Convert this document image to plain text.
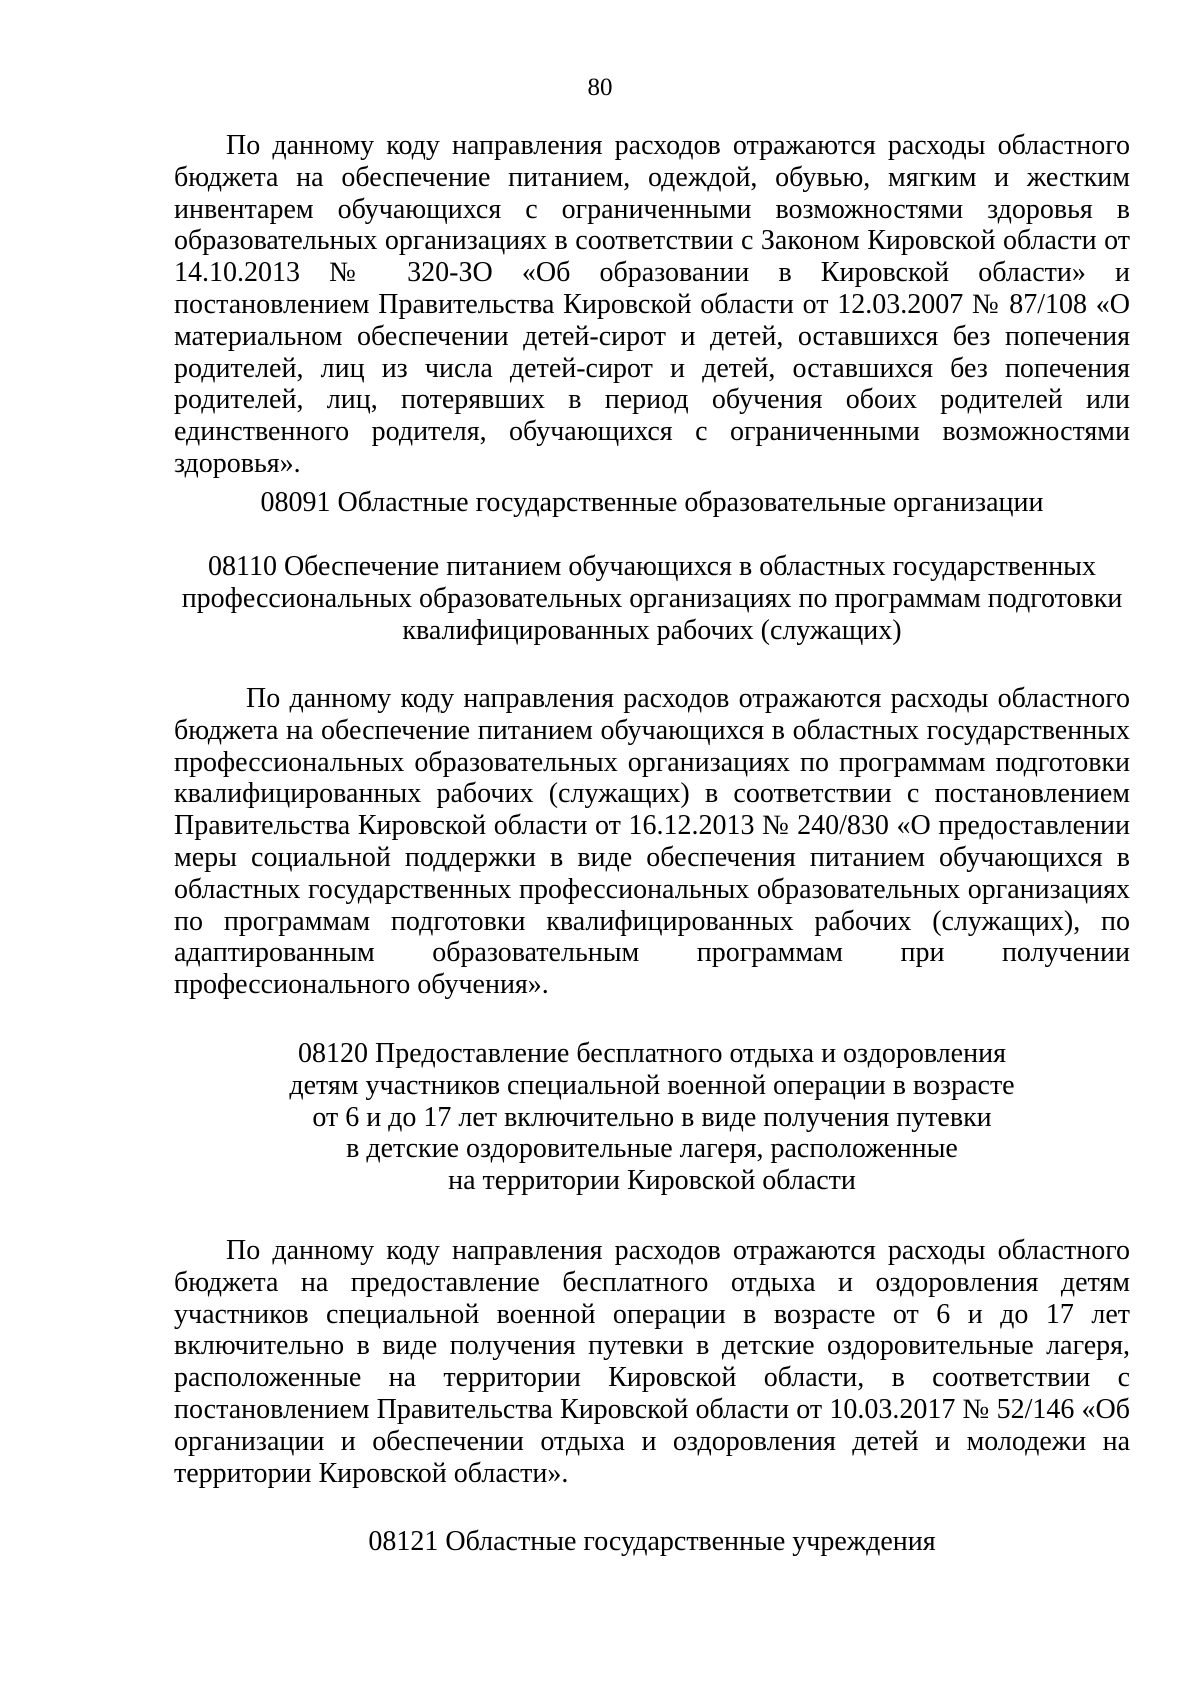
80

По данному коду направления расходов отражаются расходы областного бюджета на обеспечение питанием, одеждой, обувью, мягким и жестким инвентарем обучающихся с ограниченными возможностями здоровья в образовательных организациях в соответствии с Законом Кировской области от 14.10.2013 № 320-ЗО «Об образовании в Кировской области» и постановлением Правительства Кировской области от 12.03.2007 № 87/108 «О материальном обеспечении детей-сирот и детей, оставшихся без попечения родителей, лиц из числа детей-сирот и детей, оставшихся без попечения родителей, лиц, потерявших в период обучения обоих родителей или единственного родителя, обучающихся с ограниченными возможностями здоровья».

08091 Областные государственные образовательные организации

08110 Обеспечение питанием обучающихся в областных государственных
профессиональных образовательных организациях по программам подготовки
квалифицированных рабочих (служащих)

По данному коду направления расходов отражаются расходы областного бюджета на обеспечение питанием обучающихся в областных государственных профессиональных образовательных организациях по программам подготовки квалифицированных рабочих (служащих) в соответствии с постановлением Правительства Кировской области от 16.12.2013 № 240/830 «О предоставлении меры социальной поддержки в виде обеспечения питанием обучающихся в областных государственных профессиональных образовательных организациях по программам подготовки квалифицированных рабочих (служащих), по адаптированным образовательным программам при получении профессионального обучения».

08120 Предоставление бесплатного отдыха и оздоровления
детям участников специальной военной операции в возрасте
от 6 и до 17 лет включительно в виде получения путевки
в детские оздоровительные лагеря, расположенные
на территории Кировской области

По данному коду направления расходов отражаются расходы областного бюджета на предоставление бесплатного отдыха и оздоровления детям участников специальной военной операции в возрасте от 6 и до 17 лет включительно в виде получения путевки в детские оздоровительные лагеря, расположенные на территории Кировской области, в соответствии с постановлением Правительства Кировской области от 10.03.2017 № 52/146 «Об организации и обеспечении отдыха и оздоровления детей и молодежи на территории Кировской области».

08121 Областные государственные учреждения
